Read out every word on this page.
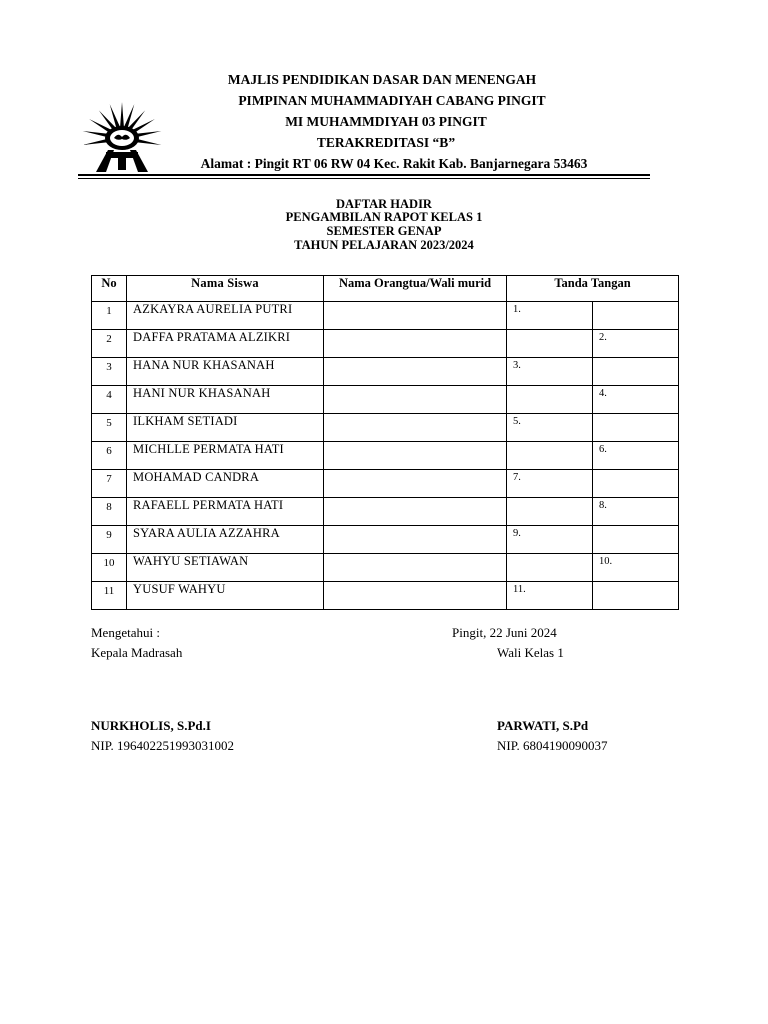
MAJLIS PENDIDIKAN DASAR DAN MENENGAH
PIMPINAN MUHAMMADIYAH CABANG PINGIT
MI MUHAMMDIYAH 03 PINGIT
TERAKREDITASI “B”
Alamat : Pingit RT 06 RW 04 Kec. Rakit Kab. Banjarnegara 53463
DAFTAR HADIR
PENGAMBILAN RAPOT KELAS 1
SEMESTER GENAP
TAHUN PELAJARAN 2023/2024
No	Nama Siswa	Nama Orangtua/Wali murid	Tanda Tangan	
1	AZKAYRA AURELIA PUTRI		1.	
2	DAFFA PRATAMA ALZIKRI			2.
3	HANA NUR KHASANAH		3.	
4	HANI NUR KHASANAH			4.
5	ILKHAM SETIADI		5.	
6	MICHLLE PERMATA HATI			6.
7	MOHAMAD CANDRA		7.	
8	RAFAELL PERMATA HATI			8.
9	SYARA AULIA AZZAHRA		9.	
10	WAHYU SETIAWAN			10.
11	YUSUF WAHYU		11.	
Mengetahui :
Kepala Madrasah
NURKHOLIS, S.Pd.I
NIP. 196402251993031002
Pingit, 22 Juni 2024
Wali Kelas 1
PARWATI, S.Pd
NIP. 6804190090037
